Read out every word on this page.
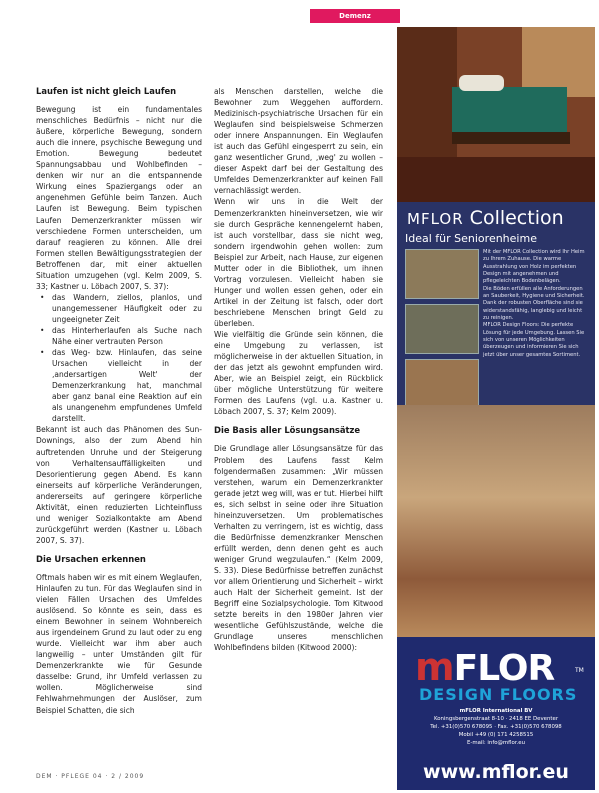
Demenz
Laufen ist nicht gleich Laufen

Bewegung ist ein fundamentales menschliches Bedürfnis – nicht nur die äußere, körperliche Bewegung, sondern auch die innere, psychische Bewegung und Emotion. Bewegung bedeutet Spannungsabbau und Wohlbefinden – denken wir nur an die entspannende Wirkung eines Spaziergangs oder an angenehmen Gefühle beim Tanzen. Auch Laufen ist Bewegung. Beim typischen Laufen Demenzerkrankter müssen wir verschiedene Formen unterscheiden, um darauf reagieren zu können. Alle drei Formen stellen Bewältigungsstrategien der Betroffenen dar, mit einer aktuellen Situation umzugehen (vgl. Kelm 2009, S. 33; Kastner u. Löbach 2007, S. 37):

• das Wandern, ziellos, planlos, und unangemessener Häufigkeit oder zu ungeeigneter Zeit
• das Hinterherlaufen als Suche nach Nähe einer vertrauten Person
• das Weg- bzw. Hinlaufen, das seine Ursachen vielleicht in der ‚andersartigen Welt' der Demenzerkrankung hat, manchmal aber ganz banal eine Reaktion auf ein als unangenehm empfundenes Umfeld darstellt.

Bekannt ist auch das Phänomen des Sun-Downings, also der zum Abend hin auftretenden Unruhe und der Steigerung von Verhaltensauffälligkeiten und Desorientierung gegen Abend. Es kann einerseits auf körperliche Veränderungen, andererseits auf geringere körperliche Aktivität, einen reduzierten Lichteinfluss und weniger Sozialkontakte am Abend zurückgeführt werden (Kastner u. Löbach 2007, S. 37).

Die Ursachen erkennen

Oftmals haben wir es mit einem Weglaufen, Hinlaufen zu tun. Für das Weglaufen sind in vielen Fällen Ursachen des Umfeldes auslösend. So könnte es sein, dass es einem Bewohner in seinem Wohnbereich aus irgendeinem Grund zu laut oder zu eng wurde. Vielleicht war ihm aber auch langweilig – unter Umständen gilt für Demenzerkrankte wie für Gesunde dasselbe: Grund, ihr Umfeld verlassen zu wollen. Möglicherweise sind Fehlwahrnehmungen der Auslöser, zum Beispiel Schatten, die sich

als Menschen darstellen, welche die Bewohner zum Weggehen auffordern. Medizinisch-psychiatrische Ursachen für ein Weglaufen sind beispielsweise Schmerzen oder innere Anspannungen. Ein Weglaufen ist auch das Gefühl eingesperrt zu sein, ein ganz wesentlicher Grund, ‚weg' zu wollen – dieser Aspekt darf bei der Gestaltung des Umfeldes Demenzerkrankter auf keinen Fall vernachlässigt werden.

Wenn wir uns in die Welt der Demenzerkrankten hineinversetzen, wie wir sie durch Gespräche kennengelernt haben, ist auch vorstellbar, dass sie nicht weg, sondern irgendwohin gehen wollen: zum Beispiel zur Arbeit, nach Hause, zur eigenen Mutter oder in die Bibliothek, um ihnen Vortrag vorzulesen. Vielleicht haben sie Hunger und wollen essen gehen, oder ein Artikel in der Zeitung ist falsch, oder dort beschriebene Menschen bringt Geld zu überleben.

Wie vielfältig die Gründe sein können, die eine Umgebung zu verlassen, ist möglicherweise in der aktuellen Situation, in der das jetzt als gewohnt empfunden wird. Aber, wie an Beispiel zeigt, ein Rückblick über mögliche Unterstützung für weitere Formen des Laufens (vgl. u.a. Kastner u. Löbach 2007, S. 37; Kelm 2009).

Die Basis aller Lösungsansätze

Die Grundlage aller Lösungsansätze für das Problem des Laufens fasst Kelm folgendermaßen zusammen: „Wir müssen verstehen, warum ein Demenzerkrankter gerade jetzt weg will, was er tut. Hierbei hilft es, sich selbst in seine oder ihre Situation hineinzuversetzen. Um problematisches Verhalten zu verringern, ist es wichtig, dass die Bedürfnisse demenzkranker Menschen erfüllt werden, denn denen geht es auch weniger Grund wegzulaufen.“ (Kelm 2009, S. 33). Diese Bedürfnisse betreffen zunächst vor allem Orientierung und Sicherheit – wirkt auch Halt der Sicherheit gemeint. Ist der Begriff eine Sozialpsychologie. Tom Kitwood setzte bereits in den 1980er Jahren vier wesentliche Gefühlszustände, welche die Grundlage unseres menschlichen Wohlbefindens bilden (Kitwood 2000):

DEM · PFLEGE 04 · 2 / 2009
MFLOR Collection
Ideal für Seniorenheime

Mit der MFLOR Collection wird Ihr Heim zu Ihrem Zuhause. Die warme Ausstrahlung von Holz im perfekten Design mit angenehmen und pflegeleichten Bodenbelägen.

Die Böden erfüllen alle Anforderungen an Sauberkeit, Hygiene und Sicherheit. Dank der robusten Oberfläche sind sie widerstandsfähig, langlebig und leicht zu reinigen.

MFLOR Design Floors: Die perfekte Lösung für jede Umgebung. Lassen Sie sich von unseren Möglichkeiten überzeugen und informieren Sie sich jetzt über unser gesamtes Sortiment.

mFLOR	TM
DESIGN FLOORS

mFLOR International BV

Koningsbergenstraat 8-10 · 2418 EE Deventer

Tel. +31(0)570 678095 · Fax. +31(0)570 678098

Mobil +49 (0) 171 4258515

E-mail: info@mflor.eu

www.mflor.eu
